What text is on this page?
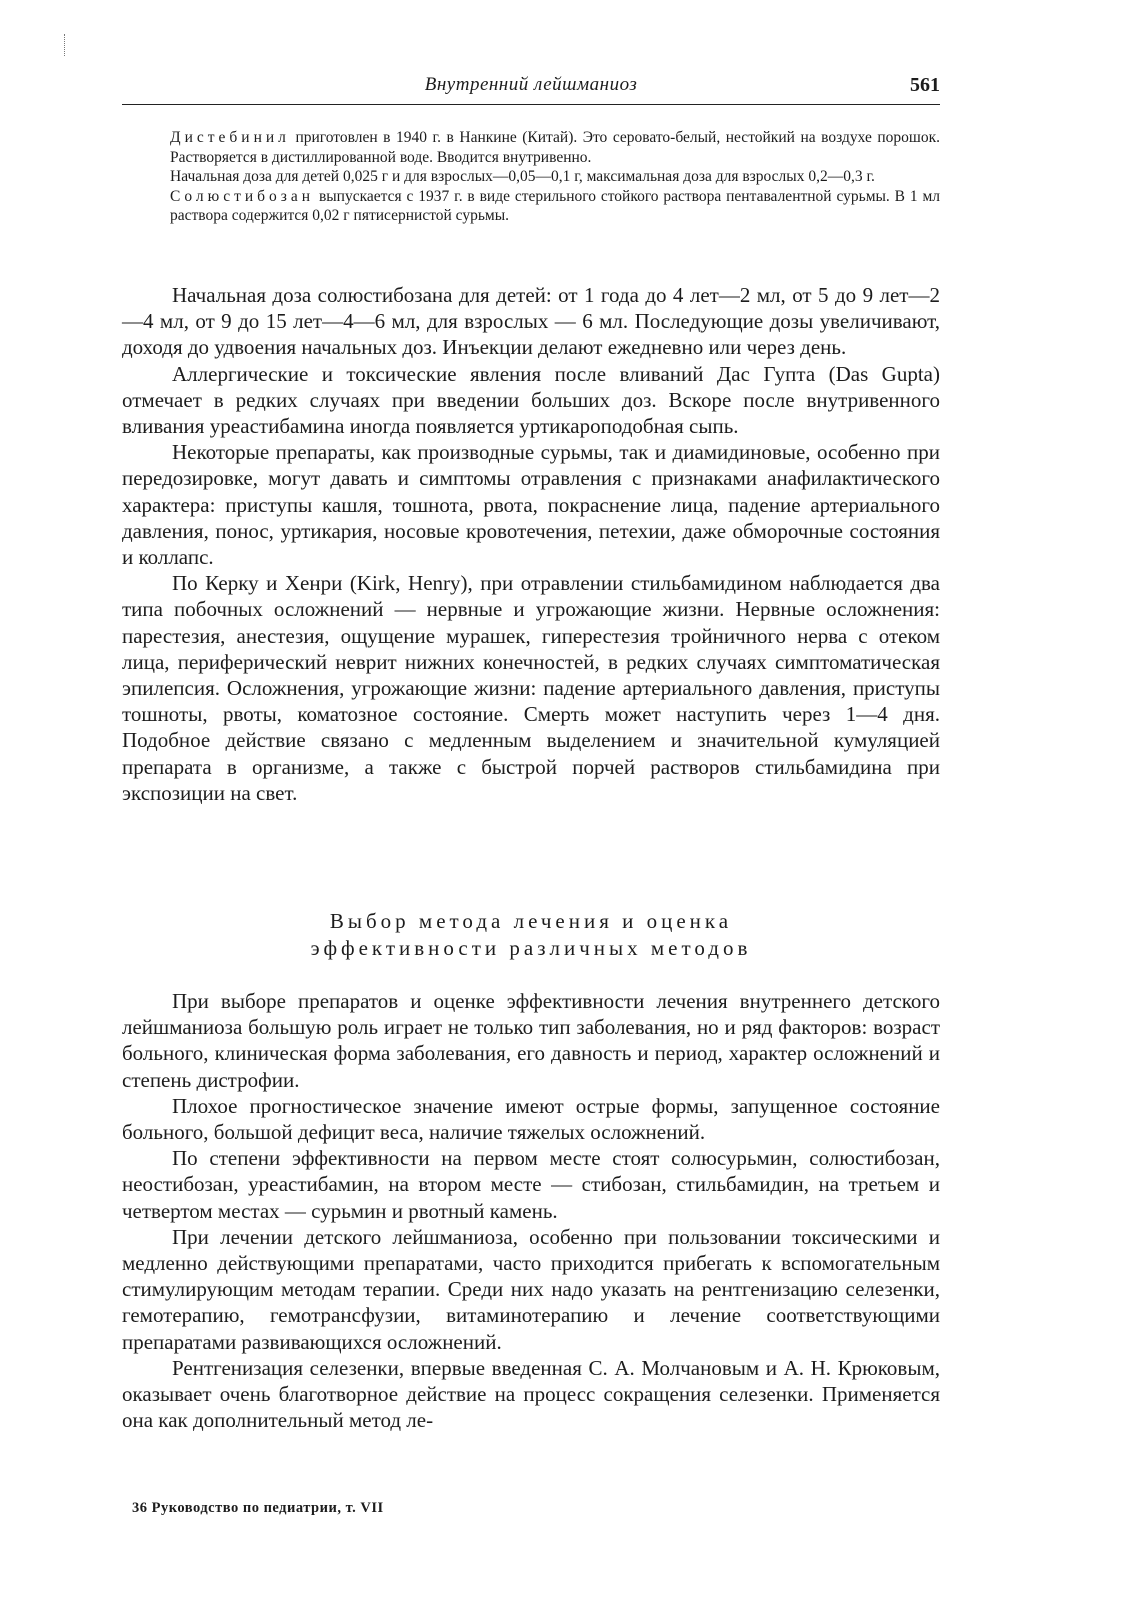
Внутренний лейшманиоз	561
Дистебинил приготовлен в 1940 г. в Нанкине (Китай). Это серовато-белый, нестойкий на воздухе порошок. Растворяется в дистиллированной воде. Вводится внутривенно.
Начальная доза для детей 0,025 г и для взрослых—0,05—0,1 г, максимальная доза для взрослых 0,2—0,3 г.
Солюстибозан выпускается с 1937 г. в виде стерильного стойкого раствора пентавалентной сурьмы. В 1 мл раствора содержится 0,02 г пятисернистой сурьмы.

Начальная доза солюстибозана для детей: от 1 года до 4 лет—2 мл, от 5 до 9 лет—2—4 мл, от 9 до 15 лет—4—6 мл, для взрослых — 6 мл. Последующие дозы увеличивают, доходя до удвоения начальных доз. Инъекции делают ежедневно или через день.

Аллергические и токсические явления после вливаний Дас Гупта (Das Gupta) отмечает в редких случаях при введении больших доз. Вскоре после внутривенного вливания уреастибамина иногда появляется уртикароподобная сыпь.

Некоторые препараты, как производные сурьмы, так и диамидиновые, особенно при передозировке, могут давать и симптомы отравления с признаками анафилактического характера: приступы кашля, тошнота, рвота, покраснение лица, падение артериального давления, понос, уртикария, носовые кровотечения, петехии, даже обморочные состояния и коллапс.

По Керку и Хенри (Kirk, Henry), при отравлении стильбамидином наблюдается два типа побочных осложнений — нервные и угрожающие жизни. Нервные осложнения: парестезия, анестезия, ощущение мурашек, гиперестезия тройничного нерва с отеком лица, периферический неврит нижних конечностей, в редких случаях симптоматическая эпилепсия. Осложнения, угрожающие жизни: падение артериального давления, приступы тошноты, рвоты, коматозное состояние. Смерть может наступить через 1—4 дня. Подобное действие связано с медленным выделением и значительной кумуляцией препарата в организме, а также с быстрой порчей растворов стильбамидина при экспозиции на свет.

Выбор метода лечения и оценка
эффективности различных методов

При выборе препаратов и оценке эффективности лечения внутреннего детского лейшманиоза большую роль играет не только тип заболевания, но и ряд факторов: возраст больного, клиническая форма заболевания, его давность и период, характер осложнений и степень дистрофии.

Плохое прогностическое значение имеют острые формы, запущенное состояние больного, большой дефицит веса, наличие тяжелых осложнений.

По степени эффективности на первом месте стоят солюсурьмин, солюстибозан, неостибозан, уреастибамин, на втором месте — стибозан, стильбамидин, на третьем и четвертом местах — сурьмин и рвотный камень.

При лечении детского лейшманиоза, особенно при пользовании токсическими и медленно действующими препаратами, часто приходится прибегать к вспомогательным стимулирующим методам терапии. Среди них надо указать на рентгенизацию селезенки, гемотерапию, гемотрансфузии, витаминотерапию и лечение соответствующими препаратами развивающихся осложнений.

Рентгенизация селезенки, впервые введенная С. А. Молчановым и А. Н. Крюковым, оказывает очень благотворное действие на процесс сокращения селезенки. Применяется она как дополнительный метод ле-

36 Руководство по педиатрии, т. VII
